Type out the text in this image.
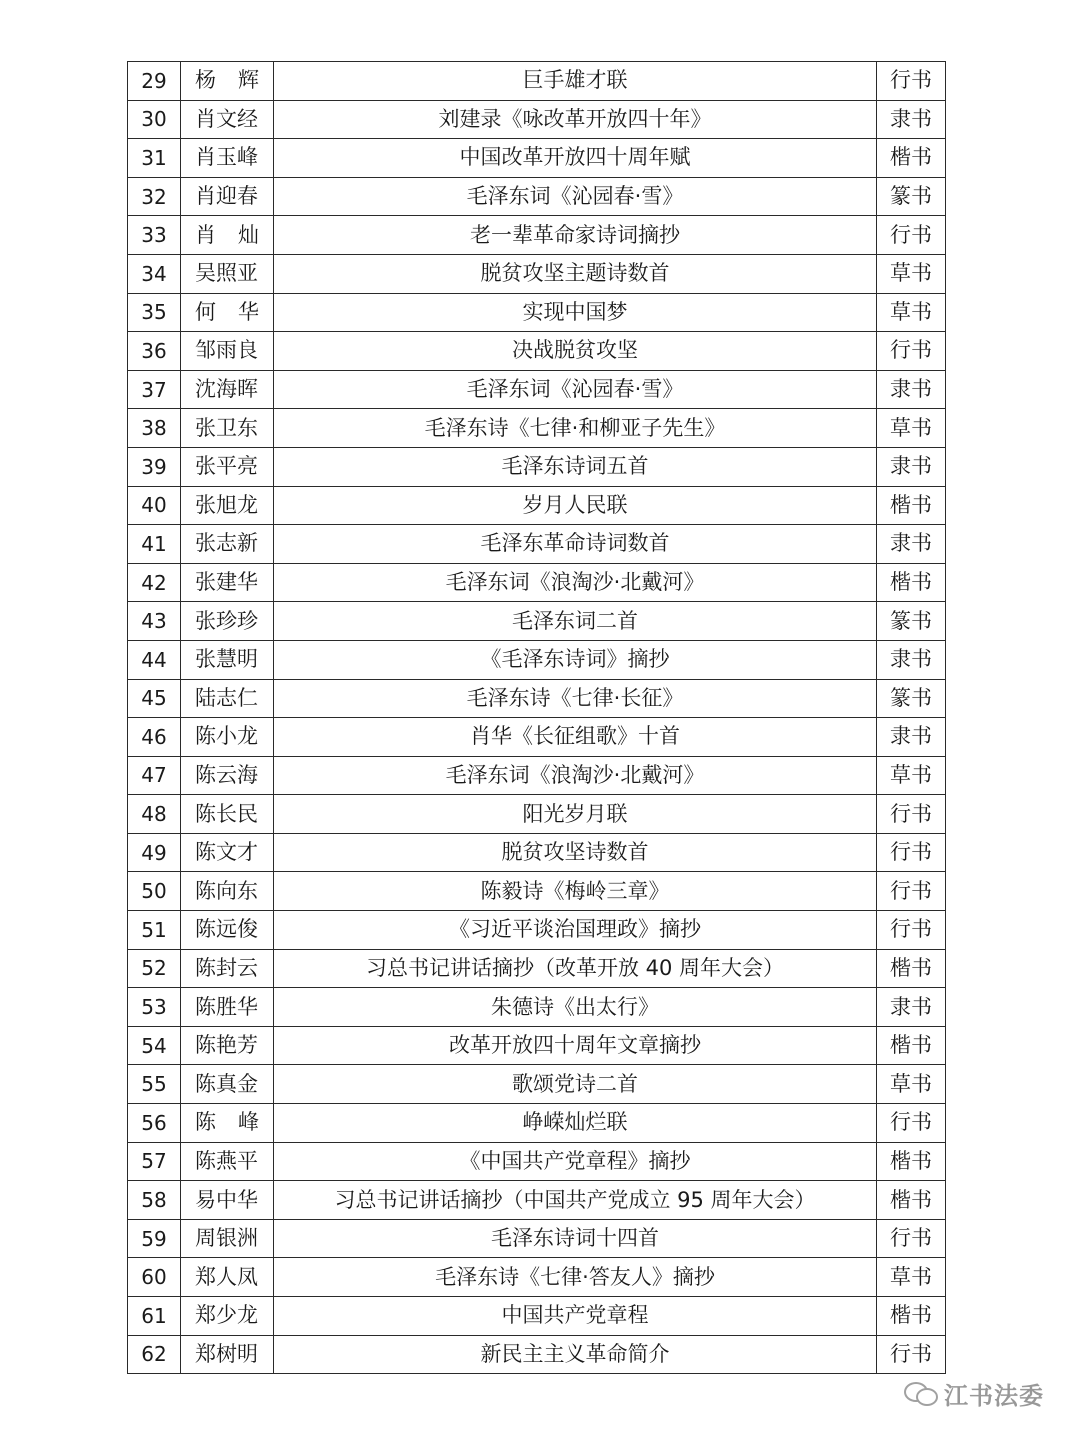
29	杨 辉	巨手雄才联	行书
30	肖文经	刘建录《咏改革开放四十年》	隶书
31	肖玉峰	中国改革开放四十周年赋	楷书
32	肖迎春	毛泽东词《沁园春·雪》	篆书
33	肖 灿	老一辈革命家诗词摘抄	行书
34	吴照亚	脱贫攻坚主题诗数首	草书
35	何 华	实现中国梦	草书
36	邹雨良	决战脱贫攻坚	行书
37	沈海晖	毛泽东词《沁园春·雪》	隶书
38	张卫东	毛泽东诗《七律·和柳亚子先生》	草书
39	张平亮	毛泽东诗词五首	隶书
40	张旭龙	岁月人民联	楷书
41	张志新	毛泽东革命诗词数首	隶书
42	张建华	毛泽东词《浪淘沙·北戴河》	楷书
43	张珍珍	毛泽东词二首	篆书
44	张慧明	《毛泽东诗词》摘抄	隶书
45	陆志仁	毛泽东诗《七律·长征》	篆书
46	陈小龙	肖华《长征组歌》十首	隶书
47	陈云海	毛泽东词《浪淘沙·北戴河》	草书
48	陈长民	阳光岁月联	行书
49	陈文才	脱贫攻坚诗数首	行书
50	陈向东	陈毅诗《梅岭三章》	行书
51	陈远俊	《习近平谈治国理政》摘抄	行书
52	陈封云	习总书记讲话摘抄（改革开放 40 周年大会）	楷书
53	陈胜华	朱德诗《出太行》	隶书
54	陈艳芳	改革开放四十周年文章摘抄	楷书
55	陈真金	歌颂党诗二首	草书
56	陈 峰	峥嵘灿烂联	行书
57	陈燕平	《中国共产党章程》摘抄	楷书
58	易中华	习总书记讲话摘抄（中国共产党成立 95 周年大会）	楷书
59	周银洲	毛泽东诗词十四首	行书
60	郑人凤	毛泽东诗《七律·答友人》摘抄	草书
61	郑少龙	中国共产党章程	楷书
62	郑树明	新民主主义革命简介	行书
江书法委
